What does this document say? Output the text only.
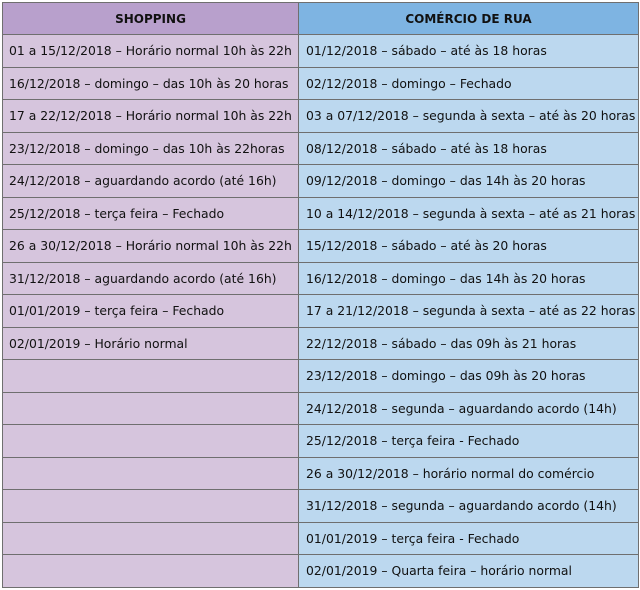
SHOPPING	COMÉRCIO DE RUA
01 a 15/12/2018 – Horário normal 10h às 22h	01/12/2018 – sábado – até às 18 horas
16/12/2018 – domingo – das 10h às 20 horas	02/12/2018 – domingo – Fechado
17 a 22/12/2018 – Horário normal 10h às 22h	03 a 07/12/2018 – segunda à sexta – até às 20 horas
23/12/2018 – domingo – das 10h às 22horas	08/12/2018 – sábado – até às 18 horas
24/12/2018 – aguardando acordo (até 16h)	09/12/2018 – domingo – das 14h às 20 horas
25/12/2018 – terça feira – Fechado	10 a 14/12/2018 – segunda à sexta – até as 21 horas
26 a 30/12/2018 – Horário normal 10h às 22h	15/12/2018 – sábado – até às 20 horas
31/12/2018 – aguardando acordo (até 16h)	16/12/2018 – domingo – das 14h às 20 horas
01/01/2019 – terça feira – Fechado	17 a 21/12/2018 – segunda à sexta – até as 22 horas
02/01/2019 – Horário normal	22/12/2018 – sábado – das 09h às 21 horas
	23/12/2018 – domingo – das 09h às 20 horas
	24/12/2018 – segunda – aguardando acordo (14h)
	25/12/2018 – terça feira - Fechado
	26 a 30/12/2018 – horário normal do comércio
	31/12/2018 – segunda – aguardando acordo (14h)
	01/01/2019 – terça feira - Fechado
	02/01/2019 – Quarta feira – horário normal
